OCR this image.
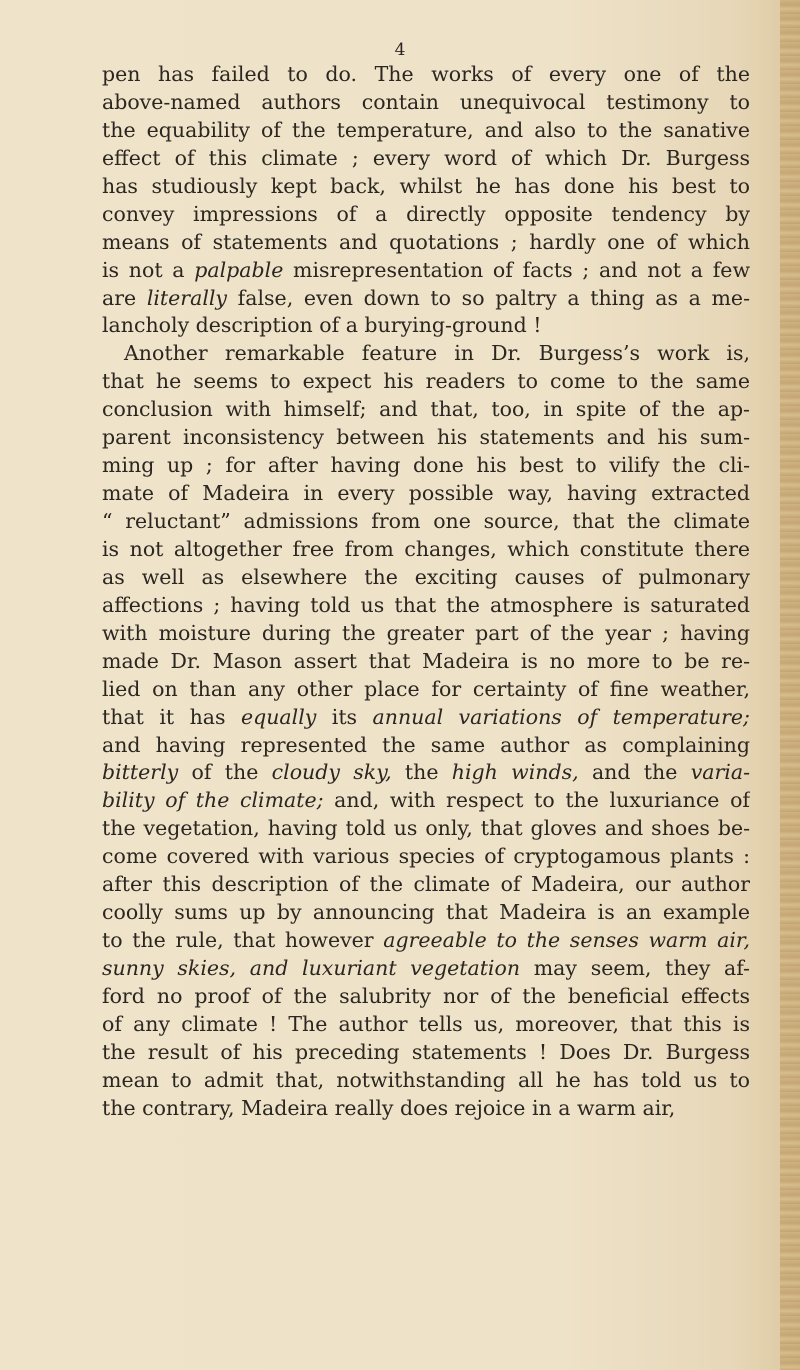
4
pen has failed to do. The works of every one of the
above-named authors contain unequivocal testimony to
the equability of the temperature, and also to the sanative
effect of this climate ; every word of which Dr. Burgess
has studiously kept back, whilst he has done his best to
convey impressions of a directly opposite tendency by
means of statements and quotations ; hardly one of which
is not a palpable misrepresentation of facts ; and not a few
are literally false, even down to so paltry a thing as a me-
lancholy description of a burying-ground !
Another remarkable feature in Dr. Burgess’s work is,
that he seems to expect his readers to come to the same
conclusion with himself; and that, too, in spite of the ap-
parent inconsistency between his statements and his sum-
ming up ; for after having done his best to vilify the cli-
mate of Madeira in every possible way, having extracted
“ reluctant” admissions from one source, that the climate
is not altogether free from changes, which constitute there
as well as elsewhere the exciting causes of pulmonary
affections ; having told us that the atmosphere is saturated
with moisture during the greater part of the year ; having
made Dr. Mason assert that Madeira is no more to be re-
lied on than any other place for certainty of fine weather,
that it has equally its annual variations of temperature;
and having represented the same author as complaining
bitterly of the cloudy sky, the high winds, and the varia-
bility of the climate; and, with respect to the luxuriance of
the vegetation, having told us only, that gloves and shoes be-
come covered with various species of cryptogamous plants :
after this description of the climate of Madeira, our author
coolly sums up by announcing that Madeira is an example
to the rule, that however agreeable to the senses warm air,
sunny skies, and luxuriant vegetation may seem, they af-
ford no proof of the salubrity nor of the beneficial effects
of any climate ! The author tells us, moreover, that this is
the result of his preceding statements ! Does Dr. Burgess
mean to admit that, notwithstanding all he has told us to
the contrary, Madeira really does rejoice in a warm air,
